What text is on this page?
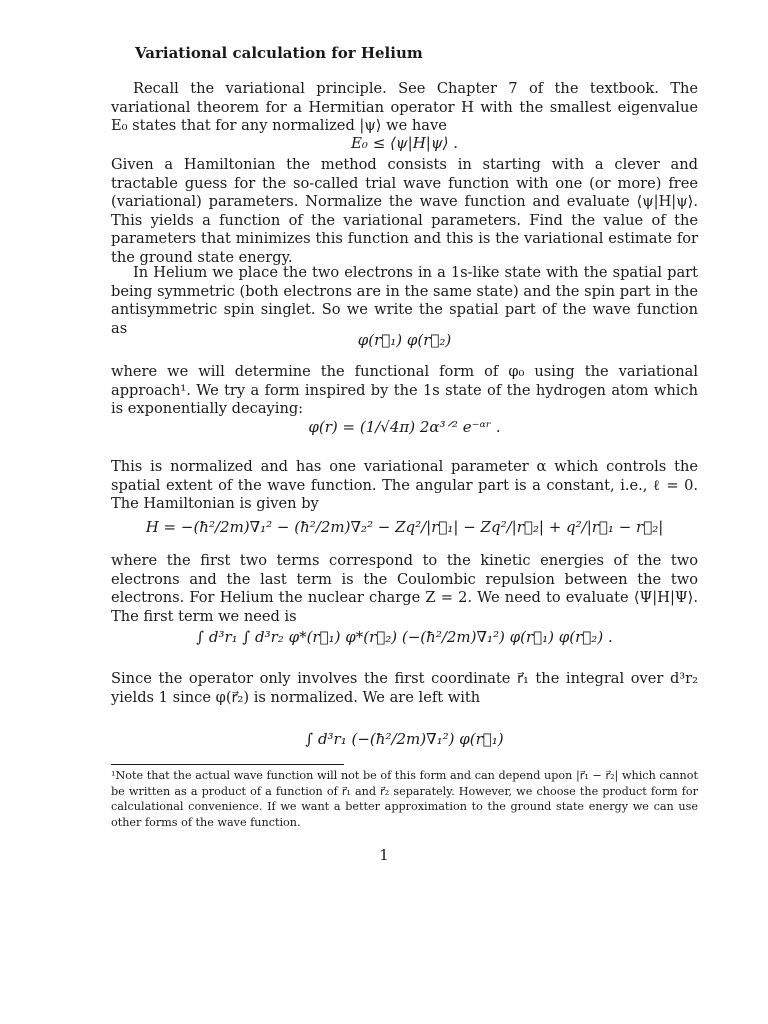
Variational calculation for Helium

Recall the variational principle. See Chapter 7 of the textbook. The variational theorem for a Hermitian operator H with the smallest eigenvalue E₀ states that for any normalized |ψ⟩ we have

E₀ ≤ ⟨ψ|H|ψ⟩ .

Given a Hamiltonian the method consists in starting with a clever and tractable guess for the so-called trial wave function with one (or more) free (variational) parameters. Normalize the wave function and evaluate ⟨ψ|H|ψ⟩. This yields a function of the variational parameters. Find the value of the parameters that minimizes this function and this is the variational estimate for the ground state energy.

In Helium we place the two electrons in a 1s-like state with the spatial part being symmetric (both electrons are in the same state) and the spin part in the antisymmetric spin singlet. So we write the spatial part of the wave function as

φ(r⃗₁) φ(r⃗₂)

where we will determine the functional form of φ₀ using the variational approach¹. We try a form inspired by the 1s state of the hydrogen atom which is exponentially decaying:

φ(r) = (1/√4π) 2α³ᐟ² e⁻ᵅʳ .

This is normalized and has one variational parameter α which controls the spatial extent of the wave function. The angular part is a constant, i.e., ℓ = 0. The Hamiltonian is given by

H = −(ħ²/2m)∇₁² − (ħ²/2m)∇₂² − Zq²/|r⃗₁| − Zq²/|r⃗₂| + q²/|r⃗₁ − r⃗₂|

where the first two terms correspond to the kinetic energies of the two electrons and the last term is the Coulombic repulsion between the two electrons. For Helium the nuclear charge Z = 2. We need to evaluate ⟨Ψ|H|Ψ⟩. The first term we need is

∫ d³r₁ ∫ d³r₂ φ*(r⃗₁) φ*(r⃗₂) (−(ħ²/2m)∇₁²) φ(r⃗₁) φ(r⃗₂) .

Since the operator only involves the first coordinate r⃗₁ the integral over d³r₂ yields 1 since φ(r⃗₂) is normalized. We are left with

∫ d³r₁ (−(ħ²/2m)∇₁²) φ(r⃗₁)

¹Note that the actual wave function will not be of this form and can depend upon |r⃗₁ − r⃗₂| which cannot be written as a product of a function of r⃗₁ and r⃗₂ separately. However, we choose the product form for calculational convenience. If we want a better approximation to the ground state energy we can use other forms of the wave function.

1
